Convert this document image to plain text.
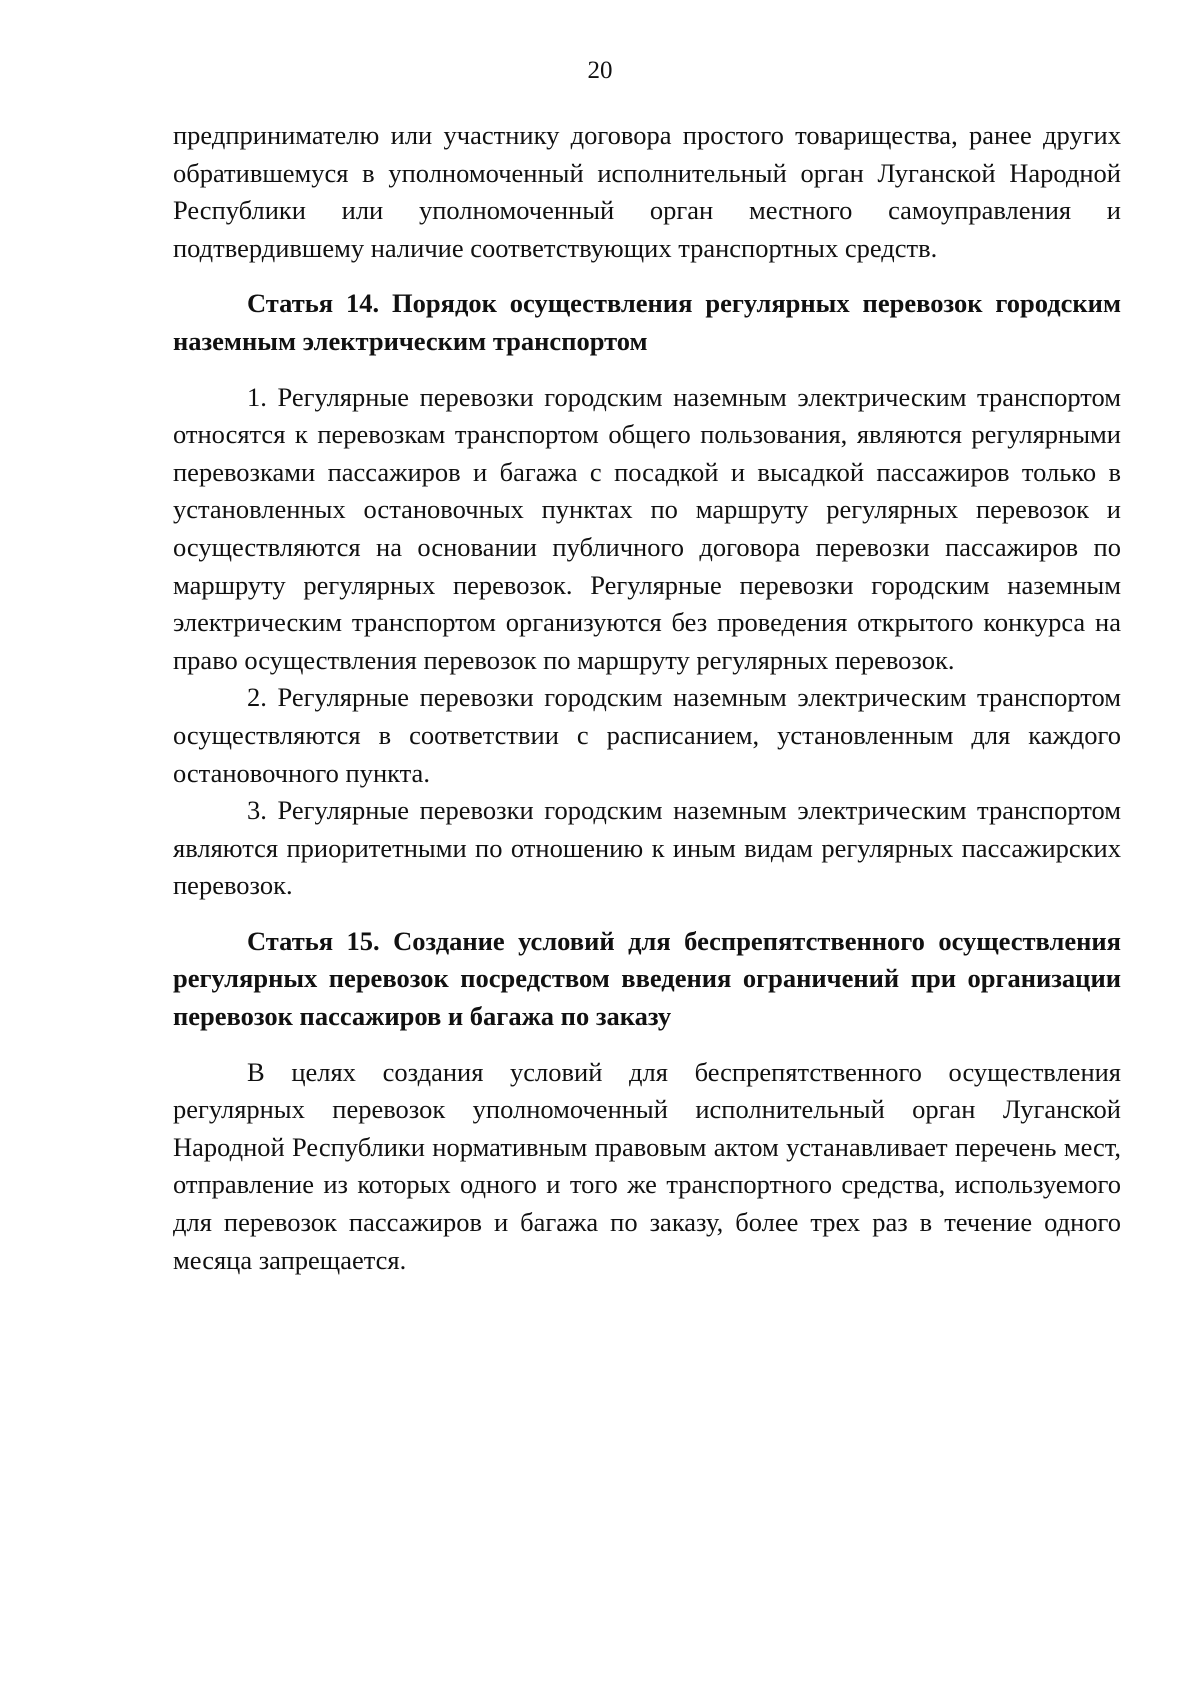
20

предпринимателю или участнику договора простого товарищества, ранее других обратившемуся в уполномоченный исполнительный орган Луганской Народной Республики или уполномоченный орган местного самоуправления и подтвердившему наличие соответствующих транспортных средств.

Статья 14. Порядок осуществления регулярных перевозок городским наземным электрическим транспортом

1. Регулярные перевозки городским наземным электрическим транспортом относятся к перевозкам транспортом общего пользования, являются регулярными перевозками пассажиров и багажа с посадкой и высадкой пассажиров только в установленных остановочных пунктах по маршруту регулярных перевозок и осуществляются на основании публичного договора перевозки пассажиров по маршруту регулярных перевозок. Регулярные перевозки городским наземным электрическим транспортом организуются без проведения открытого конкурса на право осуществления перевозок по маршруту регулярных перевозок.

2. Регулярные перевозки городским наземным электрическим транспортом осуществляются в соответствии с расписанием, установленным для каждого остановочного пункта.

3. Регулярные перевозки городским наземным электрическим транспортом являются приоритетными по отношению к иным видам регулярных пассажирских перевозок.

Статья 15. Создание условий для беспрепятственного осуществления регулярных перевозок посредством введения ограничений при организации перевозок пассажиров и багажа по заказу

В целях создания условий для беспрепятственного осуществления регулярных перевозок уполномоченный исполнительный орган Луганской Народной Республики нормативным правовым актом устанавливает перечень мест, отправление из которых одного и того же транспортного средства, используемого для перевозок пассажиров и багажа по заказу, более трех раз в течение одного месяца запрещается.
